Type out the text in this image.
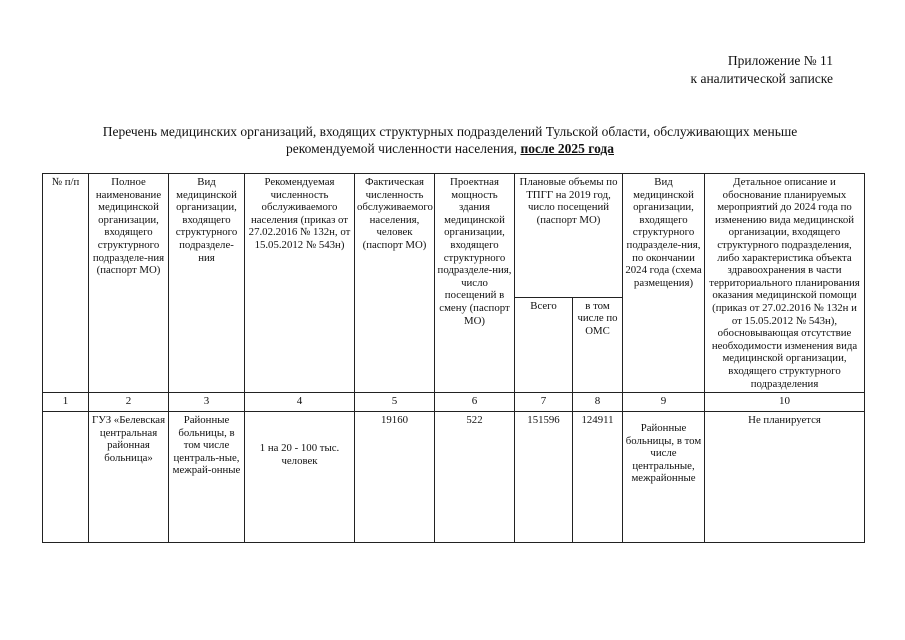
Приложение № 11
к аналитической записке
Перечень медицинских организаций, входящих структурных подразделений Тульской области, обслуживающих меньше
рекомендуемой численности населения, после 2025 года
№ п/п	Полное наименование медицинской организации, входящего структурного подразделе-ния (паспорт МО)	Вид медицинской организации, входящего структурного подразделе-ния	Рекомендуемая численность обслуживаемого населения (приказ от 27.02.2016 № 132н, от 15.05.2012 № 543н)	Фактическая численность обслуживаемого населения, человек (паспорт МО)	Проектная мощность здания медицинской организации, входящего структурного подразделе-ния, число посещений в смену (паспорт МО)	Плановые объемы по ТПГГ на 2019 год, число посещений (паспорт МО)		Вид медицинской организации, входящего структурного подразделе-ния, по окончании 2024 года (схема размещения)	Детальное описание и обоснование планируемых мероприятий до 2024 года по изменению вида медицинской организации, входящего структурного подразделения, либо характеристика объекта здравоохранения в части территориального планирования оказания медицинской помощи (приказ от 27.02.2016 № 132н и от 15.05.2012 № 543н), обосновывающая отсутствие необходимости изменения вида медицинской организации, входящего структурного подразделения
						Всего	в том числе по ОМС		
1	2	3	4	5	6	7	8	9	10
	ГУЗ «Белевская центральная районная больница»	Районные больницы, в том числе централь-ные, межрай-онные	1 на 20 - 100 тыс. человек	19160	522	151596	124911	Районные больницы, в том числе центральные, межрайонные	Не планируется
